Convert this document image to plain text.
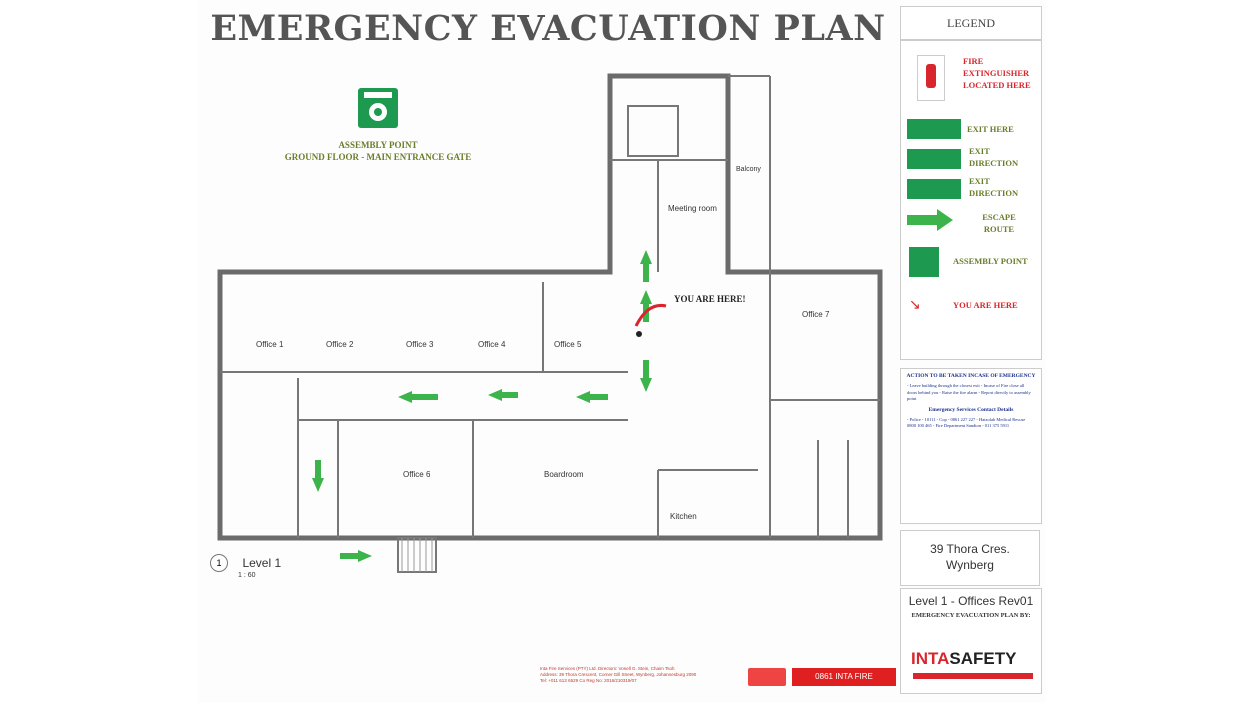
EMERGENCY EVACUATION PLAN
ASSEMBLY POINT
GROUND FLOOR - MAIN ENTRANCE GATE
Office 1	Office 2	Office 3	Office 4	Office 5
Office 6
Office 7
Boardroom
Kitchen
Meeting room
Balcony
YOU ARE HERE!
1 Level 1
1 : 60
Inta Fire Services (PTY) Ltd. Directors: Vonell G. Stein, Chaim Tsoh
Address: 39 Thora Crescent, Corner Gill Street, Wynberg, Johannesburg 2090
Tel: +011 613 6529 Co Reg No: 2016/210319/07	0861 INTA FIRE
LEGEND
FIRE EXTINGUISHER LOCATED HERE
EXIT HERE
EXIT DIRECTION
EXIT DIRECTION
ESCAPE ROUTE
ASSEMBLY POINT
↘	YOU ARE HERE
ACTION TO BE TAKEN INCASE OF EMERGENCY
- Leave building through the closest exit - Incase of Fire close all doors behind you - Raise the fire alarm - Report directly to assembly point
Emergency Services Contact Details
- Police - 10111 - Cop - 0861 227 227 - Hatzolah Medical Rescue 0800 100 465 - Fire Department Sandton - 011 375 5911
39 Thora Cres.
Wynberg
Level 1 - Offices Rev01
EMERGENCY EVACUATION PLAN BY:
INTASAFETY
